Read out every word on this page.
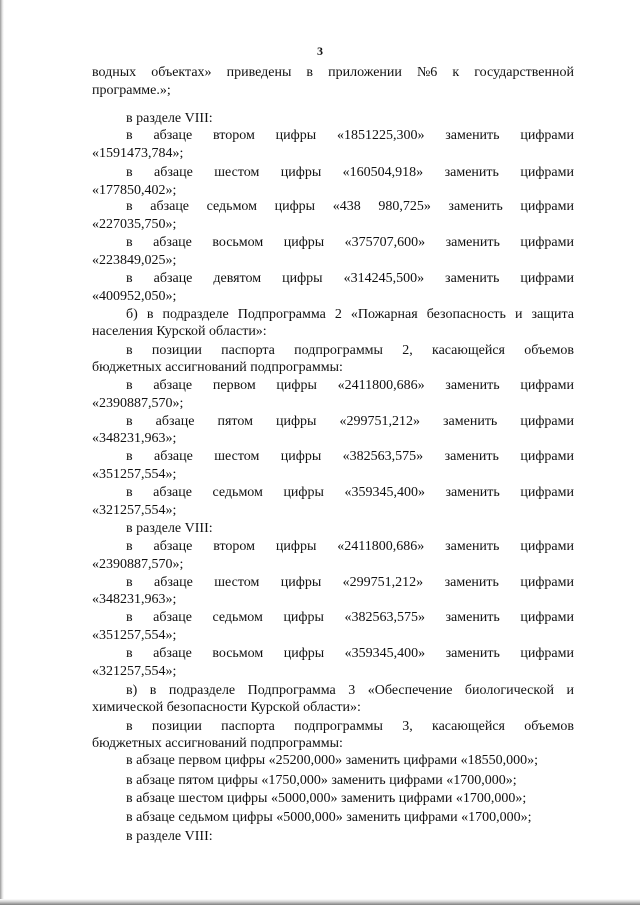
3
водных объектах» приведены в приложении №6 к государственной
программе.»;
в разделе VIII:
в абзаце втором цифры «1851225,300» заменить цифрами
«1591473,784»;
в абзаце шестом цифры «160504,918» заменить цифрами
«177850,402»;
в абзаце седьмом цифры «438 980,725» заменить цифрами
«227035,750»;
в абзаце восьмом цифры «375707,600» заменить цифрами
«223849,025»;
в абзаце девятом цифры «314245,500» заменить цифрами
«400952,050»;
б) в подразделе Подпрограмма 2 «Пожарная безопасность и защита
населения Курской области»:
в позиции паспорта подпрограммы 2, касающейся объемов
бюджетных ассигнований подпрограммы:
в абзаце первом цифры «2411800,686» заменить цифрами
«2390887,570»;
в абзаце пятом цифры «299751,212» заменить цифрами
«348231,963»;
в абзаце шестом цифры «382563,575» заменить цифрами
«351257,554»;
в абзаце седьмом цифры «359345,400» заменить цифрами
«321257,554»;
в разделе VIII:
в абзаце втором цифры «2411800,686» заменить цифрами
«2390887,570»;
в абзаце шестом цифры «299751,212» заменить цифрами
«348231,963»;
в абзаце седьмом цифры «382563,575» заменить цифрами
«351257,554»;
в абзаце восьмом цифры «359345,400» заменить цифрами
«321257,554»;
в) в подразделе Подпрограмма 3 «Обеспечение биологической и
химической безопасности Курской области»:
в позиции паспорта подпрограммы 3, касающейся объемов
бюджетных ассигнований подпрограммы:
в абзаце первом цифры «25200,000» заменить цифрами «18550,000»;
в абзаце пятом цифры «1750,000» заменить цифрами «1700,000»;
в абзаце шестом цифры «5000,000» заменить цифрами «1700,000»;
в абзаце седьмом цифры «5000,000» заменить цифрами «1700,000»;
в разделе VIII:
